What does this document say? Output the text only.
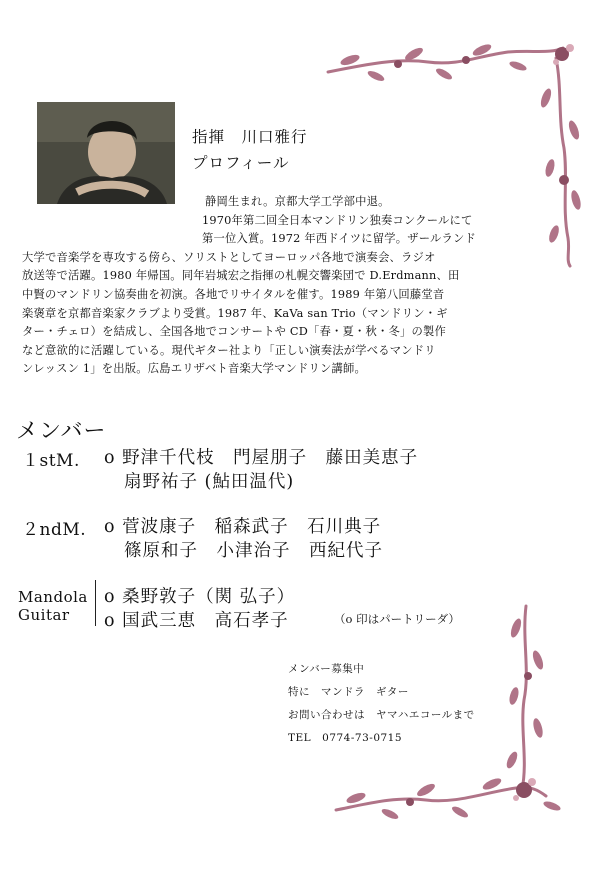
指揮　川口雅行
プロフィール

静岡生まれ。京都大学工学部中退。

1970年第二回全日本マンドリン独奏コンクールにて

第一位入賞。1972 年西ドイツに留学。ザールランド

大学で音楽学を専攻する傍ら、ソリストとしてヨーロッパ各地で演奏会、ラジオ

放送等で活躍。1980 年帰国。同年岩城宏之指揮の札幌交響楽団で D.Erdmann、田

中賢のマンドリン協奏曲を初演。各地でリサイタルを催す。1989 年第八回藤堂音

楽褒章を京都音楽家クラブより受賞。1987 年、KaVa san Trio（マンドリン・ギ

ター・チェロ）を結成し、全国各地でコンサートや CD「春・夏・秋・冬」の製作

など意欲的に活躍している。現代ギター社より「正しい演奏法が学べるマンドリ

ンレッスン 1」を出版。広島エリザベト音楽大学マンドリン講師。

メンバー
１stM. o 野津千代枝　門屋朋子　藤田美恵子
扇野祐子 (鮎田温代)
２ndM. o 菅波康子　稲森武子　石川典子
篠原和子　小津治子　西紀代子
Mandola o 桑野敦子（関 弘子）
Guitar o 国武三恵　高石孝子	（o 印はパートリーダ）
メンバー募集中
特に　マンドラ　ギター
お問い合わせは　ヤマハエコールまで
TEL　0774-73-0715
